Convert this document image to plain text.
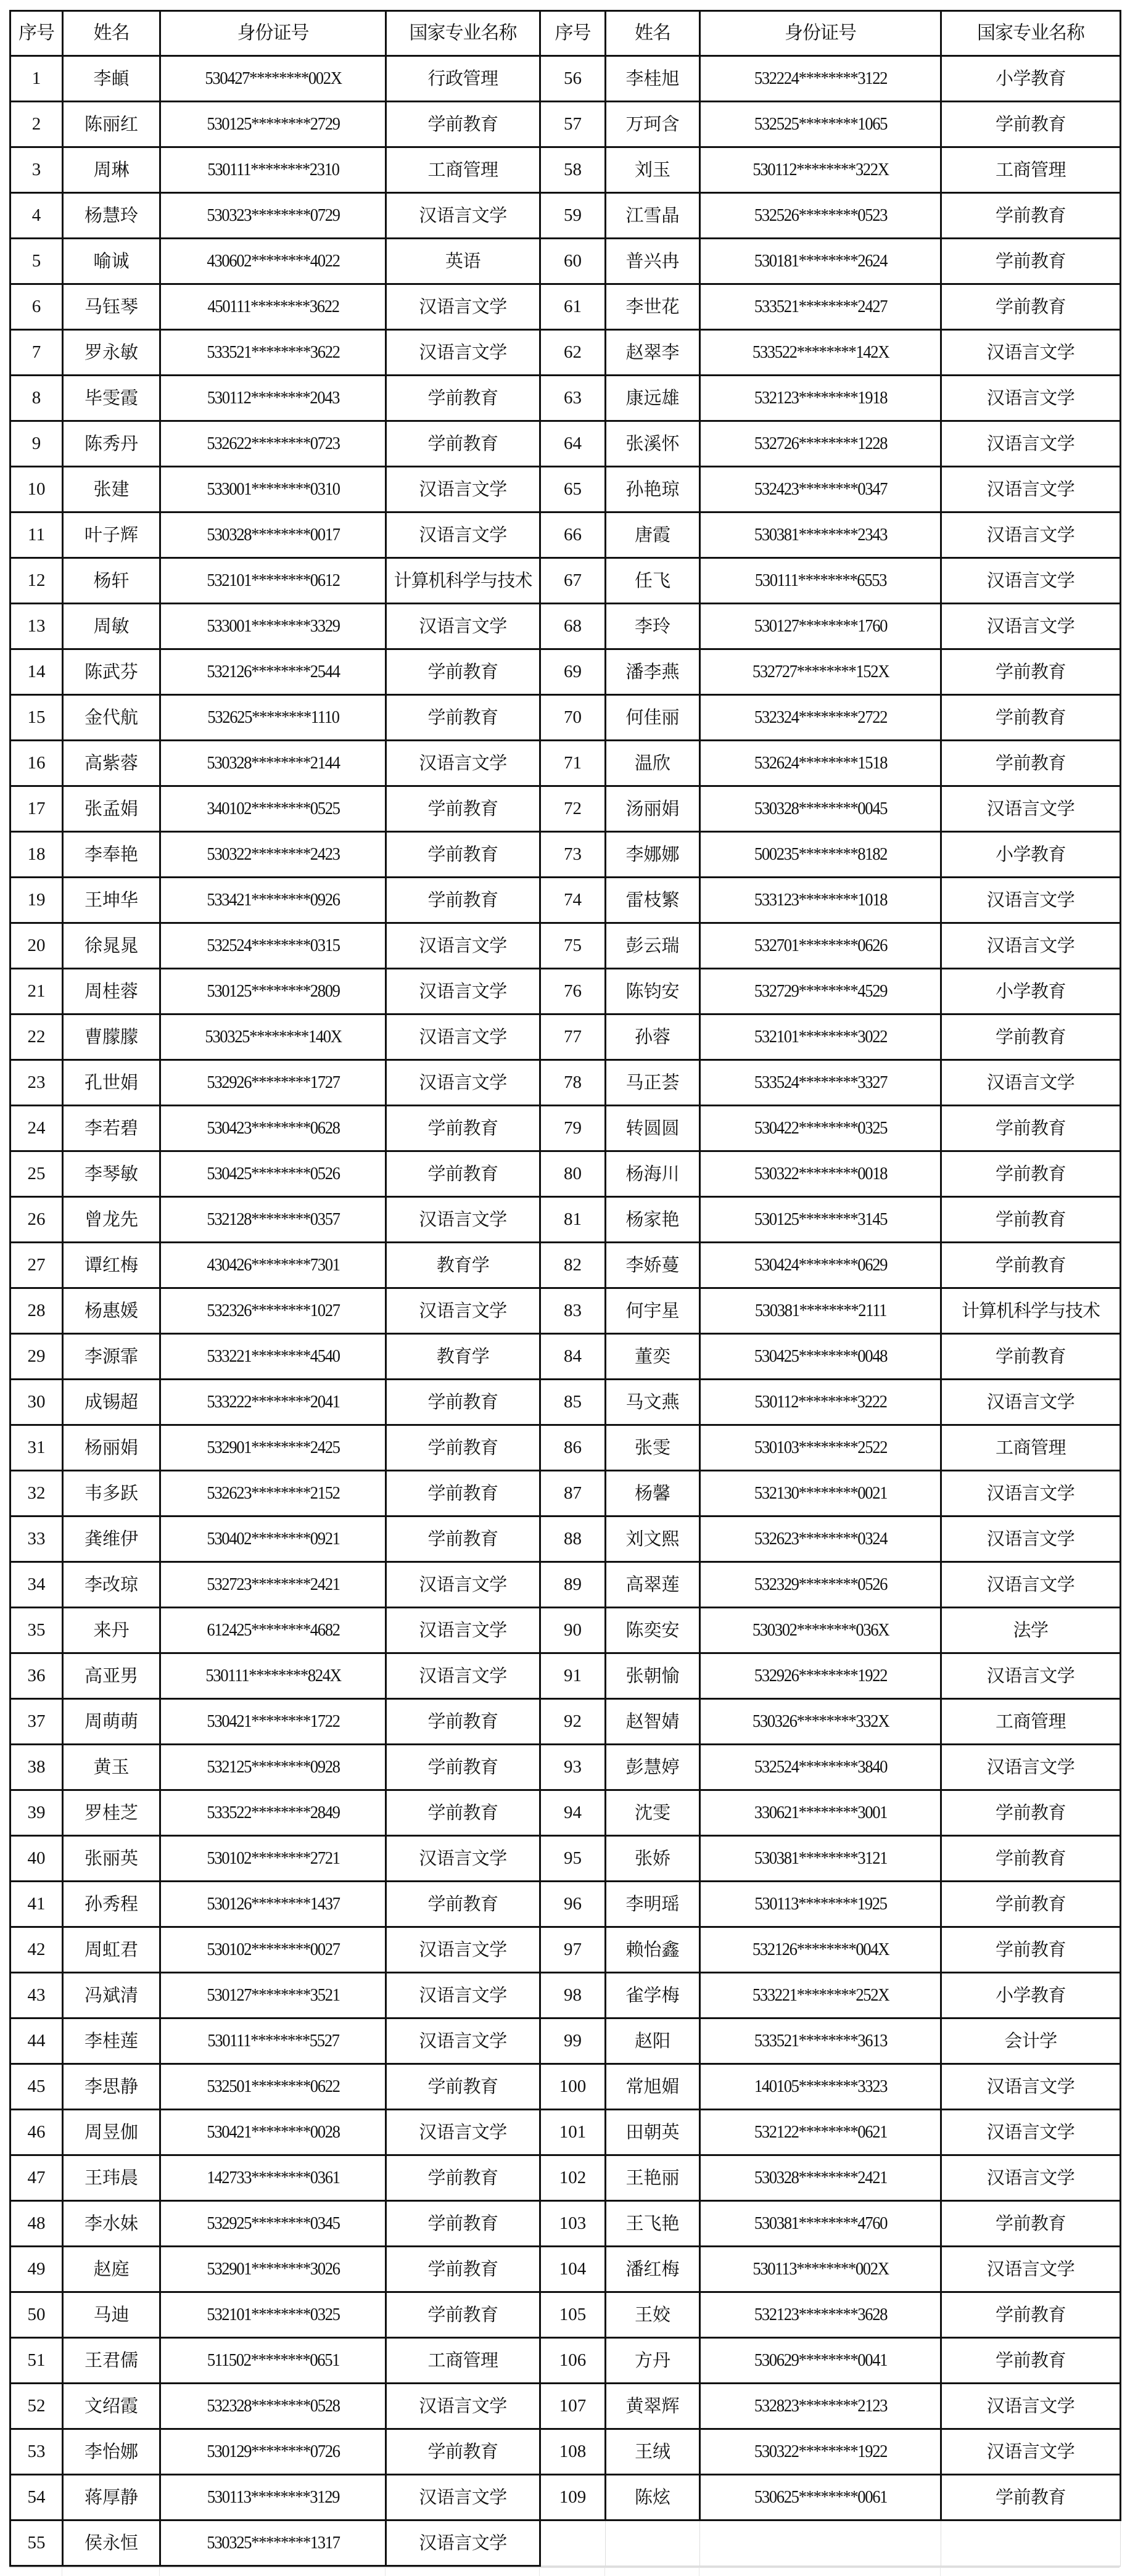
序号	姓名	身份证号	国家专业名称	序号	姓名	身份证号	国家专业名称
1	李頔	530427********002X	行政管理	56	李桂旭	532224********3122	小学教育
2	陈丽红	530125********2729	学前教育	57	万珂含	532525********1065	学前教育
3	周琳	530111********2310	工商管理	58	刘玉	530112********322X	工商管理
4	杨慧玲	530323********0729	汉语言文学	59	江雪晶	532526********0523	学前教育
5	喻诚	430602********4022	英语	60	普兴冉	530181********2624	学前教育
6	马钰琴	450111********3622	汉语言文学	61	李世花	533521********2427	学前教育
7	罗永敏	533521********3622	汉语言文学	62	赵翠李	533522********142X	汉语言文学
8	毕雯霞	530112********2043	学前教育	63	康远雄	532123********1918	汉语言文学
9	陈秀丹	532622********0723	学前教育	64	张溪怀	532726********1228	汉语言文学
10	张建	533001********0310	汉语言文学	65	孙艳琼	532423********0347	汉语言文学
11	叶子辉	530328********0017	汉语言文学	66	唐霞	530381********2343	汉语言文学
12	杨轩	532101********0612	计算机科学与技术	67	任飞	530111********6553	汉语言文学
13	周敏	533001********3329	汉语言文学	68	李玲	530127********1760	汉语言文学
14	陈武芬	532126********2544	学前教育	69	潘李燕	532727********152X	学前教育
15	金代航	532625********1110	学前教育	70	何佳丽	532324********2722	学前教育
16	高紫蓉	530328********2144	汉语言文学	71	温欣	532624********1518	学前教育
17	张孟娟	340102********0525	学前教育	72	汤丽娟	530328********0045	汉语言文学
18	李奉艳	530322********2423	学前教育	73	李娜娜	500235********8182	小学教育
19	王坤华	533421********0926	学前教育	74	雷枝繁	533123********1018	汉语言文学
20	徐晁晁	532524********0315	汉语言文学	75	彭云瑞	532701********0626	汉语言文学
21	周桂蓉	530125********2809	汉语言文学	76	陈钧安	532729********4529	小学教育
22	曹朦朦	530325********140X	汉语言文学	77	孙蓉	532101********3022	学前教育
23	孔世娟	532926********1727	汉语言文学	78	马正荟	533524********3327	汉语言文学
24	李若碧	530423********0628	学前教育	79	转圆圆	530422********0325	学前教育
25	李琴敏	530425********0526	学前教育	80	杨海川	530322********0018	学前教育
26	曾龙先	532128********0357	汉语言文学	81	杨家艳	530125********3145	学前教育
27	谭红梅	430426********7301	教育学	82	李娇蔓	530424********0629	学前教育
28	杨惠媛	532326********1027	汉语言文学	83	何宇星	530381********2111	计算机科学与技术
29	李源霏	533221********4540	教育学	84	董奕	530425********0048	学前教育
30	成锡超	533222********2041	学前教育	85	马文燕	530112********3222	汉语言文学
31	杨丽娟	532901********2425	学前教育	86	张雯	530103********2522	工商管理
32	韦多跃	532623********2152	学前教育	87	杨馨	532130********0021	汉语言文学
33	龚维伊	530402********0921	学前教育	88	刘文熙	532623********0324	汉语言文学
34	李改琼	532723********2421	汉语言文学	89	高翠莲	532329********0526	汉语言文学
35	来丹	612425********4682	汉语言文学	90	陈奕安	530302********036X	法学
36	高亚男	530111********824X	汉语言文学	91	张朝愉	532926********1922	汉语言文学
37	周萌萌	530421********1722	学前教育	92	赵智婧	530326********332X	工商管理
38	黄玉	532125********0928	学前教育	93	彭慧婷	532524********3840	汉语言文学
39	罗桂芝	533522********2849	学前教育	94	沈雯	330621********3001	学前教育
40	张丽英	530102********2721	汉语言文学	95	张娇	530381********3121	学前教育
41	孙秀程	530126********1437	学前教育	96	李明瑶	530113********1925	学前教育
42	周虹君	530102********0027	汉语言文学	97	赖怡鑫	532126********004X	学前教育
43	冯斌清	530127********3521	汉语言文学	98	雀学梅	533221********252X	小学教育
44	李桂莲	530111********5527	汉语言文学	99	赵阳	533521********3613	会计学
45	李思静	532501********0622	学前教育	100	常旭媚	140105********3323	汉语言文学
46	周昱伽	530421********0028	汉语言文学	101	田朝英	532122********0621	汉语言文学
47	王玮晨	142733********0361	学前教育	102	王艳丽	530328********2421	汉语言文学
48	李水妹	532925********0345	学前教育	103	王飞艳	530381********4760	学前教育
49	赵庭	532901********3026	学前教育	104	潘红梅	530113********002X	汉语言文学
50	马迪	532101********0325	学前教育	105	王姣	532123********3628	学前教育
51	王君儒	511502********0651	工商管理	106	方丹	530629********0041	学前教育
52	文绍霞	532328********0528	汉语言文学	107	黄翠辉	532823********2123	汉语言文学
53	李怡娜	530129********0726	学前教育	108	王绒	530322********1922	汉语言文学
54	蒋厚静	530113********3129	汉语言文学	109	陈炫	530625********0061	学前教育
55	侯永恒	530325********1317	汉语言文学				
